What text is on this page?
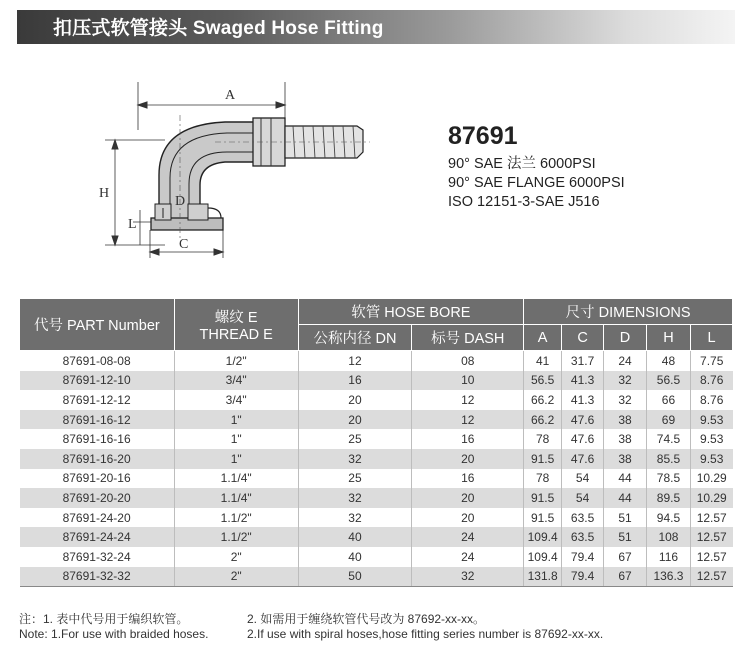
扣压式软管接头 Swaged Hose Fitting
A
H
L
C
D
87691
90° SAE 法兰 6000PSI
90° SAE FLANGE 6000PSI
ISO 12151-3-SAE J516
代号 PART Number	螺纹 E
THREAD E	软管 HOSE BORE		尺寸 DIMENSIONS				
		公称内径 DN	标号 DASH	A	C	D	H	L
87691-08-08	1/2"	12	08	41	31.7	24	48	7.75
87691-12-10	3/4"	16	10	56.5	41.3	32	56.5	8.76
87691-12-12	3/4"	20	12	66.2	41.3	32	66	8.76
87691-16-12	1"	20	12	66.2	47.6	38	69	9.53
87691-16-16	1"	25	16	78	47.6	38	74.5	9.53
87691-16-20	1"	32	20	91.5	47.6	38	85.5	9.53
87691-20-16	1.1/4"	25	16	78	54	44	78.5	10.29
87691-20-20	1.1/4"	32	20	91.5	54	44	89.5	10.29
87691-24-20	1.1/2"	32	20	91.5	63.5	51	94.5	12.57
87691-24-24	1.1/2"	40	24	109.4	63.5	51	108	12.57
87691-32-24	2"	40	24	109.4	79.4	67	116	12.57
87691-32-32	2"	50	32	131.8	79.4	67	136.3	12.57
注：1. 表中代号用于编织软管。
Note: 1.For use with braided hoses.
2. 如需用于缠绕软管代号改为 87692-xx-xx。
2.If use with spiral hoses,hose fitting series number is 87692-xx-xx.
